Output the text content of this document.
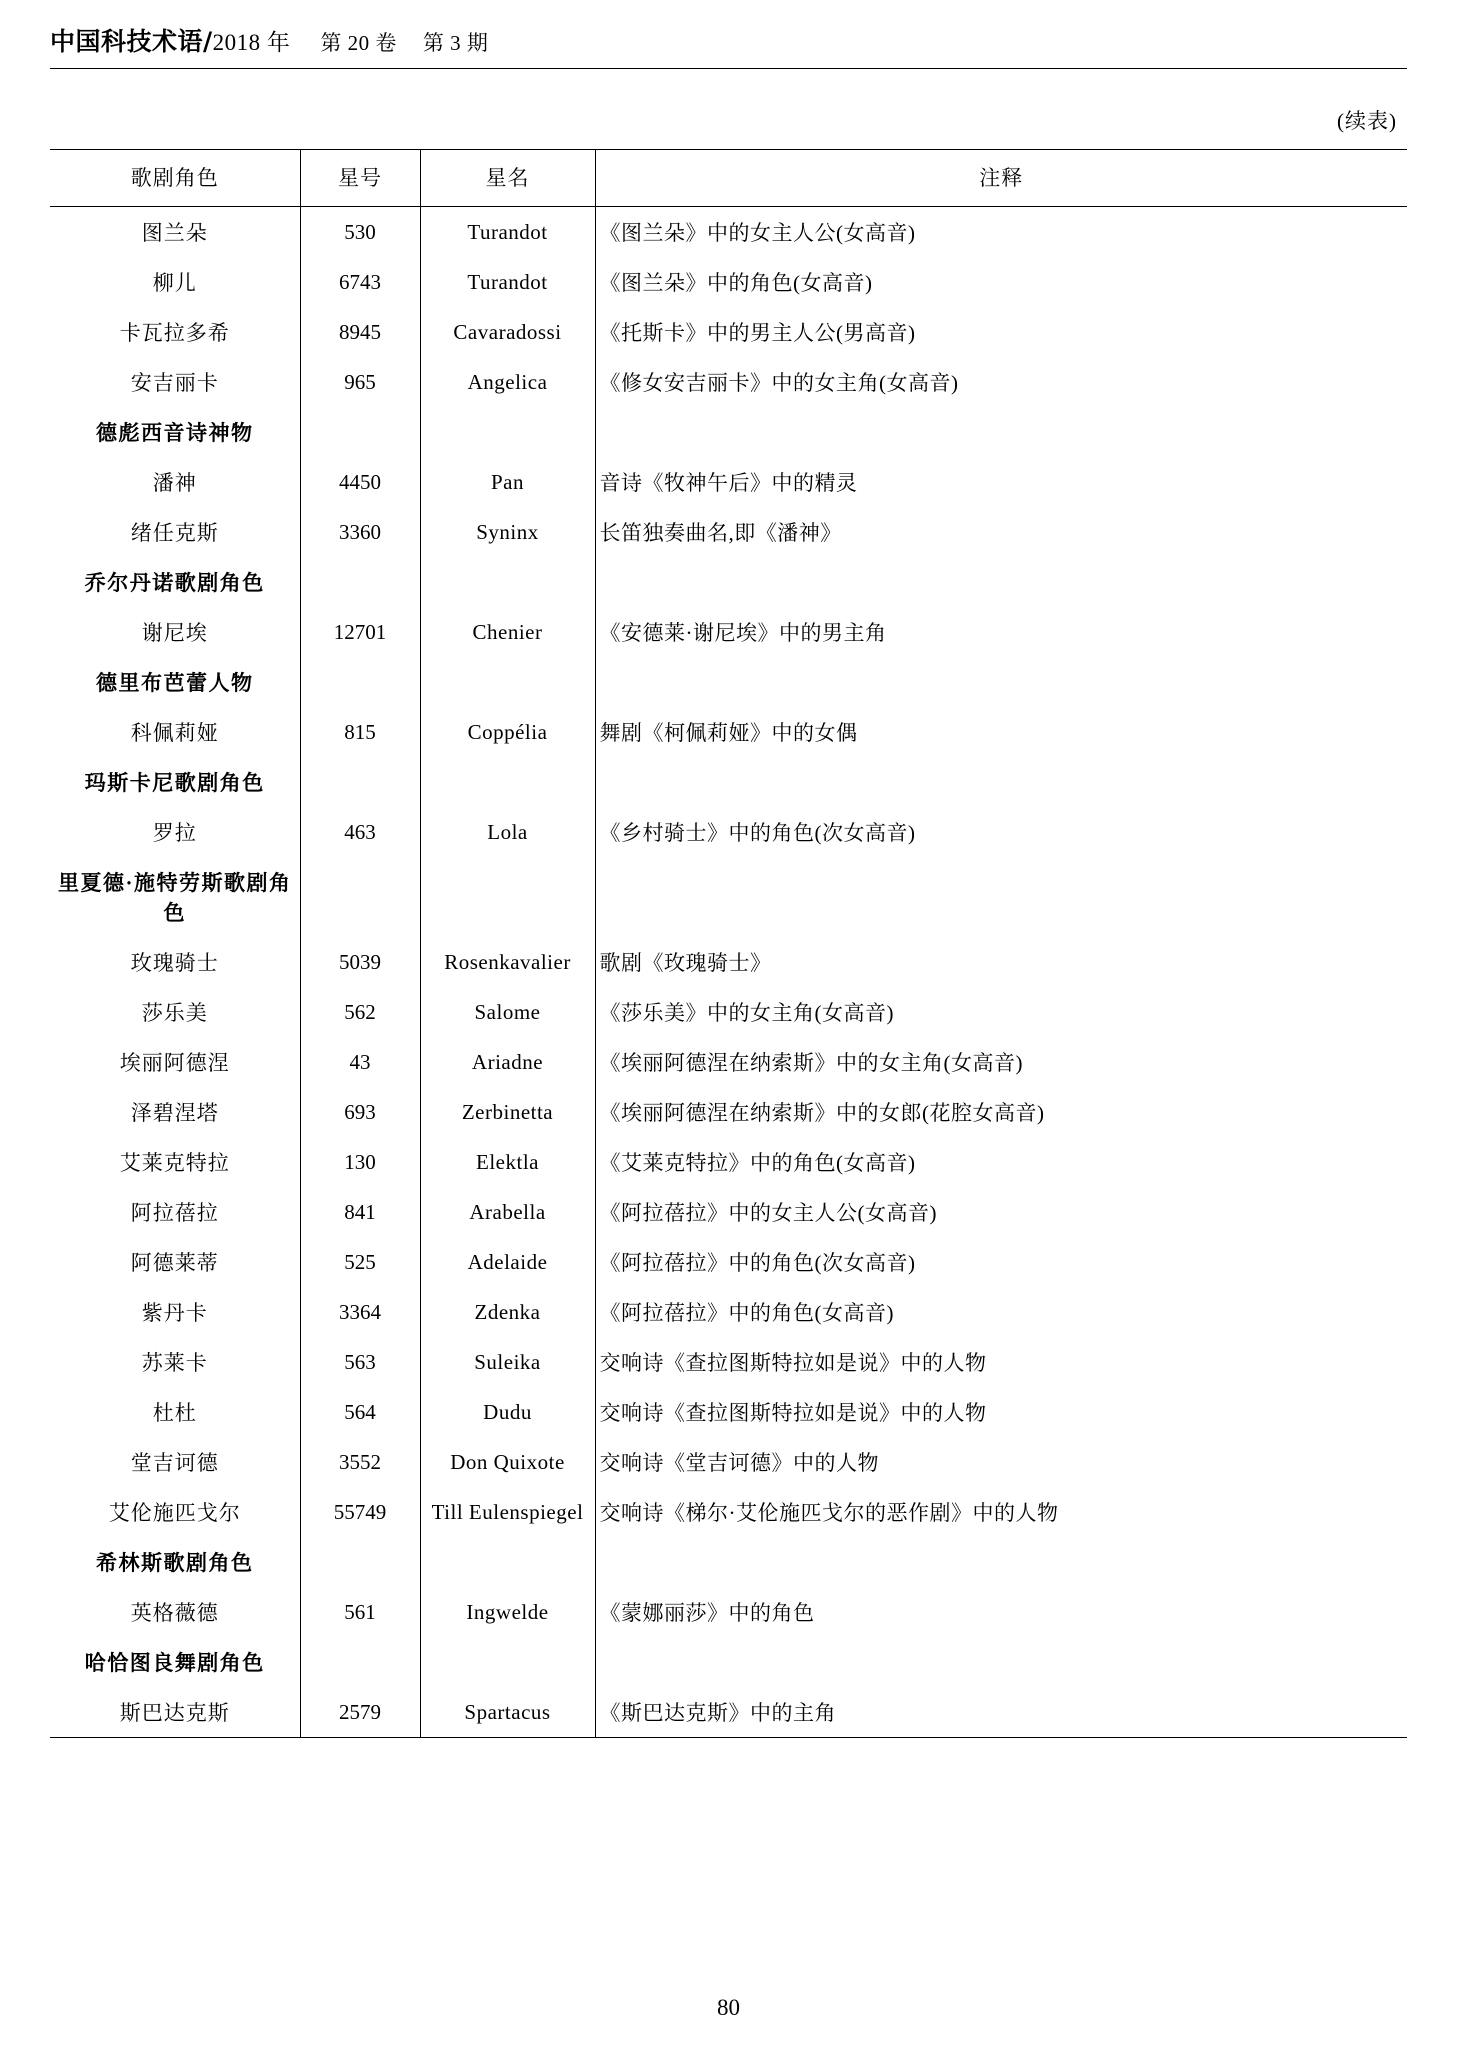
中国科技术语/ 2018 年 第 20 卷 第 3 期
(续表)
歌剧角色	星号	星名	注释
图兰朵	530	Turandot	《图兰朵》中的女主人公(女高音)
柳儿	6743	Turandot	《图兰朵》中的角色(女高音)
卡瓦拉多希	8945	Cavaradossi	《托斯卡》中的男主人公(男高音)
安吉丽卡	965	Angelica	《修女安吉丽卡》中的女主角(女高音)
德彪西音诗神物			
潘神	4450	Pan	音诗《牧神午后》中的精灵
绪任克斯	3360	Syninx	长笛独奏曲名,即《潘神》
乔尔丹诺歌剧角色			
谢尼埃	12701	Chenier	《安德莱·谢尼埃》中的男主角
德里布芭蕾人物			
科佩莉娅	815	Coppélia	舞剧《柯佩莉娅》中的女偶
玛斯卡尼歌剧角色			
罗拉	463	Lola	《乡村骑士》中的角色(次女高音)
里夏德·施特劳斯歌剧角色			
玫瑰骑士	5039	Rosenkavalier	歌剧《玫瑰骑士》
莎乐美	562	Salome	《莎乐美》中的女主角(女高音)
埃丽阿德涅	43	Ariadne	《埃丽阿德涅在纳索斯》中的女主角(女高音)
泽碧涅塔	693	Zerbinetta	《埃丽阿德涅在纳索斯》中的女郎(花腔女高音)
艾莱克特拉	130	Elektla	《艾莱克特拉》中的角色(女高音)
阿拉蓓拉	841	Arabella	《阿拉蓓拉》中的女主人公(女高音)
阿德莱蒂	525	Adelaide	《阿拉蓓拉》中的角色(次女高音)
紫丹卡	3364	Zdenka	《阿拉蓓拉》中的角色(女高音)
苏莱卡	563	Suleika	交响诗《查拉图斯特拉如是说》中的人物
杜杜	564	Dudu	交响诗《查拉图斯特拉如是说》中的人物
堂吉诃德	3552	Don Quixote	交响诗《堂吉诃德》中的人物
艾伦施匹戈尔	55749	Till Eulenspiegel	交响诗《梯尔·艾伦施匹戈尔的恶作剧》中的人物
希林斯歌剧角色			
英格薇德	561	Ingwelde	《蒙娜丽莎》中的角色
哈恰图良舞剧角色			
斯巴达克斯	2579	Spartacus	《斯巴达克斯》中的主角
80
